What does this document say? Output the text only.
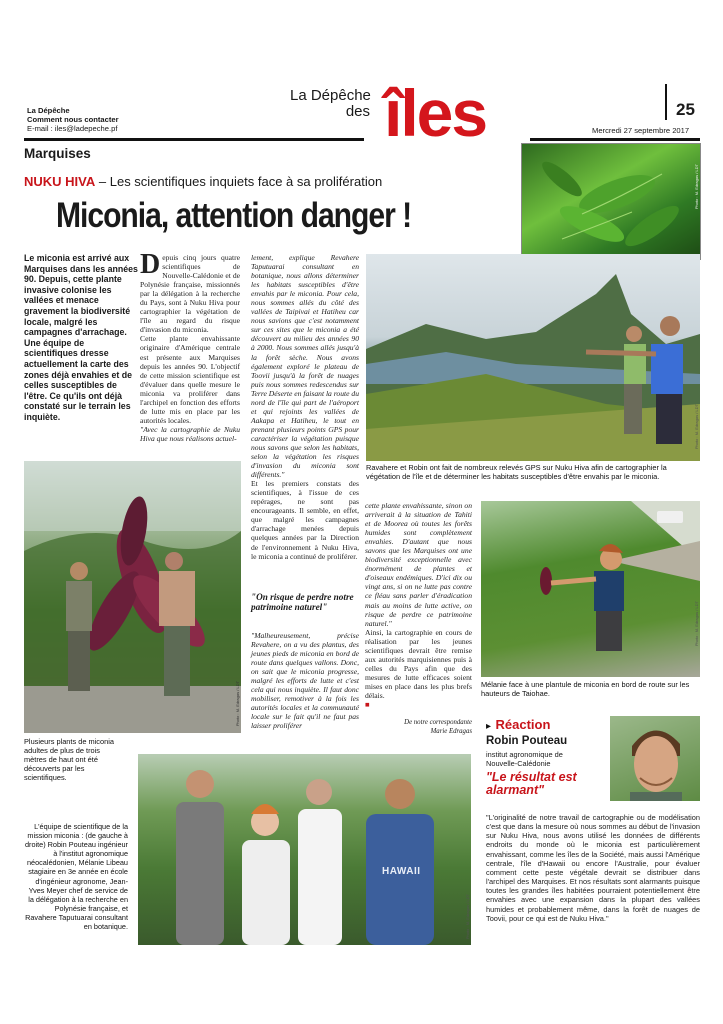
La Dépêche
Comment nous contacter
E-mail : iles@ladepeche.pf
La Dépêche
des îles	25
Mercredi 27 septembre 2017
Marquises
Photo : M. Edragas / LDT
NUKU HIVA – Les scientifiques inquiets face à sa prolifération
Miconia, attention danger !
Le miconia est arrivé aux Marquises dans les années 90. Depuis, cette plante invasive colonise les vallées et menace gravement la biodiversité locale, malgré les campagnes d'arrachage. Une équipe de scientifiques dresse actuellement la carte des zones déjà envahies et de celles susceptibles de l'être. Ce qu'ils ont déjà constaté sur le terrain les inquiète.
D epuis cinq jours quatre scientifiques de Nouvelle-Calédonie et de Polynésie française, missionnés par la délégation à la recherche du Pays, sont à Nuku Hiva pour cartographier la végétation de l'île au regard du risque d'invasion du miconia.

Cette plante envahissante originaire d'Amérique centrale est présente aux Marquises depuis les années 90. L'objectif de cette mission scientifique est d'évaluer dans quelle mesure le miconia va proliférer dans l'archipel en fonction des efforts de lutte mis en place par les autorités locales.

"Avec la cartographie de Nuku Hiva que nous réalisons actuel-

lement, explique Revahere Taputuarai consultant en botanique, nous allons déterminer les habitats susceptibles d'être envahis par le miconia. Pour cela, nous sommes allés du côté des vallées de Taipivai et Hatiheu car nous savions que c'est notamment sur ces sites que le miconia a été découvert au milieu des années 90 à 2000. Nous sommes allés jusqu'à la forêt sèche. Nous avons également exploré le plateau de Toovii jusqu'à la forêt de nuages puis nous sommes redescendus sur Terre Déserte en faisant la route du nord de l'île qui part de l'aéroport et qui rejoints les vallées de Aakapa et Hatiheu, le tout en prenant plusieurs points GPS pour caractériser la végétation puisque nous savons que selon les habitats, selon la végétation les risques d'invasion du miconia sont différents."

Et les premiers constats des scientifiques, à l'issue de ces repérages, ne sont pas encourageants. Il semble, en effet, que malgré les campagnes d'arrachage menées depuis quelques années par la Direction de l'environnement à Nuku Hiva, le miconia a continué de proliférer.

"On risque de perdre notre patrimoine naturel"

"Malheureusement, précise Revahere, on a vu des plantus, des jeunes pieds de miconia en bord de route dans quelques vallons. Donc, on sait que le miconia progresse, malgré les efforts de lutte et c'est cela qui nous inquiète. Il faut donc mobiliser, remotiver à la fois les autorités locales et la communauté locale sur le fait qu'il ne faut pas laisser proliférer

cette plante envahissante, sinon on arriverait à la situation de Tahiti et de Moorea où toutes les forêts humides sont complètement envahies. D'autant que nous savons que les Marquises ont une biodiversité exceptionnelle avec énormément de plantes et d'oiseaux endémiques. D'ici dix ou vingt ans, si on ne lutte pas contre ce fléau sans parler d'éradication mais au moins de lutte active, on risque de perdre ce patrimoine naturel."

Ainsi, la cartographie en cours de réalisation par les jeunes scientifiques devrait être remise aux autorités marquisiennes puis à celles du Pays afin que des mesures de lutte efficaces soient mises en place dans les plus brefs délais.

■
De notre correspondante
Marie Edragas
Photo : M. Edragas / LDT
Ravahere et Robin ont fait de nombreux relevés GPS sur Nuku Hiva afin de cartographier la végétation de l'île et de déterminer les habitats susceptibles d'être envahis par le miconia.
Photo : M. Edragas / LDT
Plusieurs plants de miconia adultes de plus de trois mètres de haut ont été découverts par les scientifiques.
Photo : M. Edragas / LDT
Mélanie face à une plantule de miconia en bord de route sur les hauteurs de Taiohae.
HAWAII
Photo : M. Edragas / LDT
L'équipe de scientifique de la mission miconia : (de gauche à droite) Robin Pouteau ingénieur à l'institut agronomique néocalédonien, Mélanie Libeau stagiaire en 3e année en école d'ingénieur agronome, Jean-Yves Meyer chef de service de la délégation à la recherche en Polynésie française, et Ravahere Taputuarai consultant en botanique.
▸ Réaction
Robin Pouteau
institut agronomique de Nouvelle-Calédonie
"Le résultat est alarmant"
"L'originalité de notre travail de cartographie ou de modélisation c'est que dans la mesure où nous sommes au début de l'invasion sur Nuku Hiva, nous avons utilisé les données de différents endroits du monde où le miconia est particulièrement envahissant, comme les îles de la Société, mais aussi l'Amérique centrale, l'île d'Hawaii ou encore l'Australie, pour évaluer comment cette peste végétale devrait se distribuer dans l'archipel des Marquises. Et nos résultats sont alarmants puisque toutes les grandes îles habitées pourraient potentiellement être envahies avec une expansion dans la plupart des vallées humides et probablement même, dans la forêt de nuages de Toovii, pour ce qui est de Nuku Hiva."
